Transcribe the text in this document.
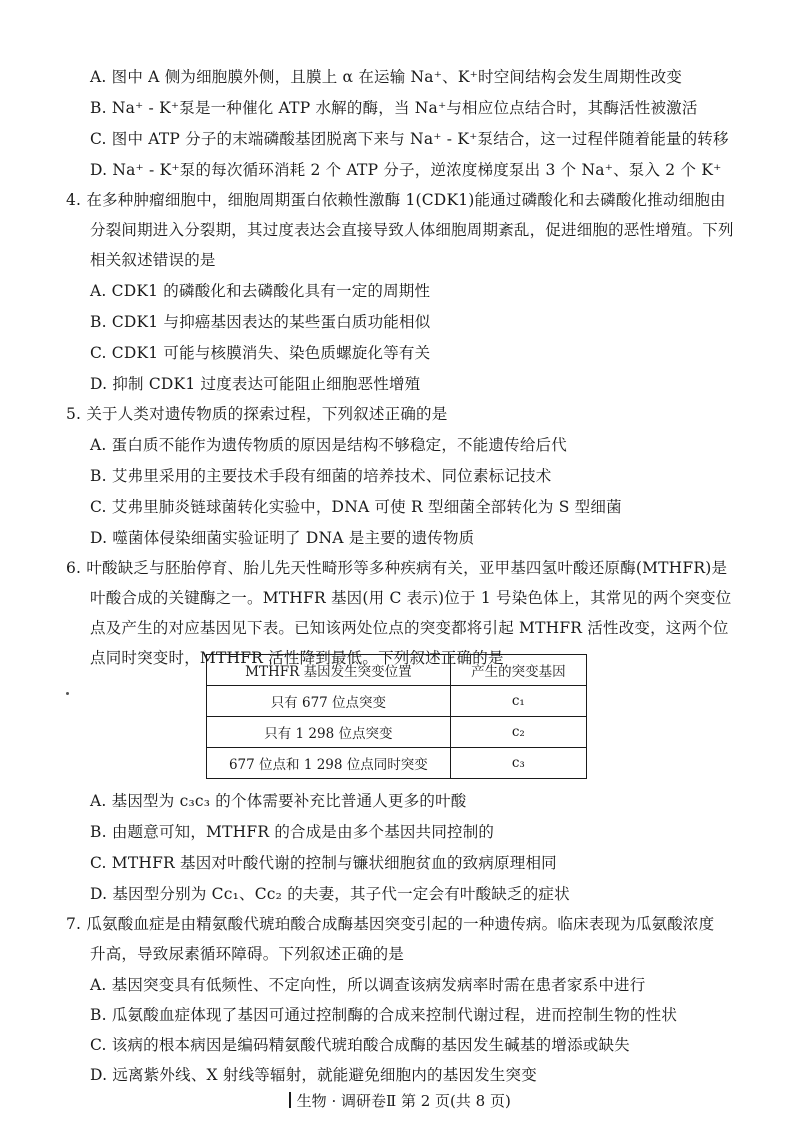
A. 图中 A 侧为细胞膜外侧，且膜上 α 在运输 Na⁺、K⁺时空间结构会发生周期性改变
B. Na⁺ - K⁺泵是一种催化 ATP 水解的酶，当 Na⁺与相应位点结合时，其酶活性被激活
C. 图中 ATP 分子的末端磷酸基团脱离下来与 Na⁺ - K⁺泵结合，这一过程伴随着能量的转移
D. Na⁺ - K⁺泵的每次循环消耗 2 个 ATP 分子，逆浓度梯度泵出 3 个 Na⁺、泵入 2 个 K⁺
4. 在多种肿瘤细胞中，细胞周期蛋白依赖性激酶 1(CDK1)能通过磷酸化和去磷酸化推动细胞由
分裂间期进入分裂期，其过度表达会直接导致人体细胞周期紊乱，促进细胞的恶性增殖。下列
相关叙述错误的是
A. CDK1 的磷酸化和去磷酸化具有一定的周期性
B. CDK1 与抑癌基因表达的某些蛋白质功能相似
C. CDK1 可能与核膜消失、染色质螺旋化等有关
D. 抑制 CDK1 过度表达可能阻止细胞恶性增殖
5. 关于人类对遗传物质的探索过程，下列叙述正确的是
A. 蛋白质不能作为遗传物质的原因是结构不够稳定，不能遗传给后代
B. 艾弗里采用的主要技术手段有细菌的培养技术、同位素标记技术
C. 艾弗里肺炎链球菌转化实验中，DNA 可使 R 型细菌全部转化为 S 型细菌
D. 噬菌体侵染细菌实验证明了 DNA 是主要的遗传物质
6. 叶酸缺乏与胚胎停育、胎儿先天性畸形等多种疾病有关，亚甲基四氢叶酸还原酶(MTHFR)是
叶酸合成的关键酶之一。MTHFR 基因(用 C 表示)位于 1 号染色体上，其常见的两个突变位
点及产生的对应基因见下表。已知该两处位点的突变都将引起 MTHFR 活性改变，这两个位
点同时突变时，MTHFR 活性降到最低。下列叙述正确的是
MTHFR 基因发生突变位置	产生的突变基因
只有 677 位点突变	c₁
只有 1 298 位点突变	c₂
677 位点和 1 298 位点同时突变	c₃
A. 基因型为 c₃c₃ 的个体需要补充比普通人更多的叶酸
B. 由题意可知，MTHFR 的合成是由多个基因共同控制的
C. MTHFR 基因对叶酸代谢的控制与镰状细胞贫血的致病原理相同
D. 基因型分别为 Cc₁、Cc₂ 的夫妻，其子代一定会有叶酸缺乏的症状
7. 瓜氨酸血症是由精氨酸代琥珀酸合成酶基因突变引起的一种遗传病。临床表现为瓜氨酸浓度
升高，导致尿素循环障碍。下列叙述正确的是
A. 基因突变具有低频性、不定向性，所以调查该病发病率时需在患者家系中进行
B. 瓜氨酸血症体现了基因可通过控制酶的合成来控制代谢过程，进而控制生物的性状
C. 该病的根本病因是编码精氨酸代琥珀酸合成酶的基因发生碱基的增添或缺失
D. 远离紫外线、X 射线等辐射，就能避免细胞内的基因发生突变
生物 · 调研卷Ⅱ 第 2 页(共 8 页)
